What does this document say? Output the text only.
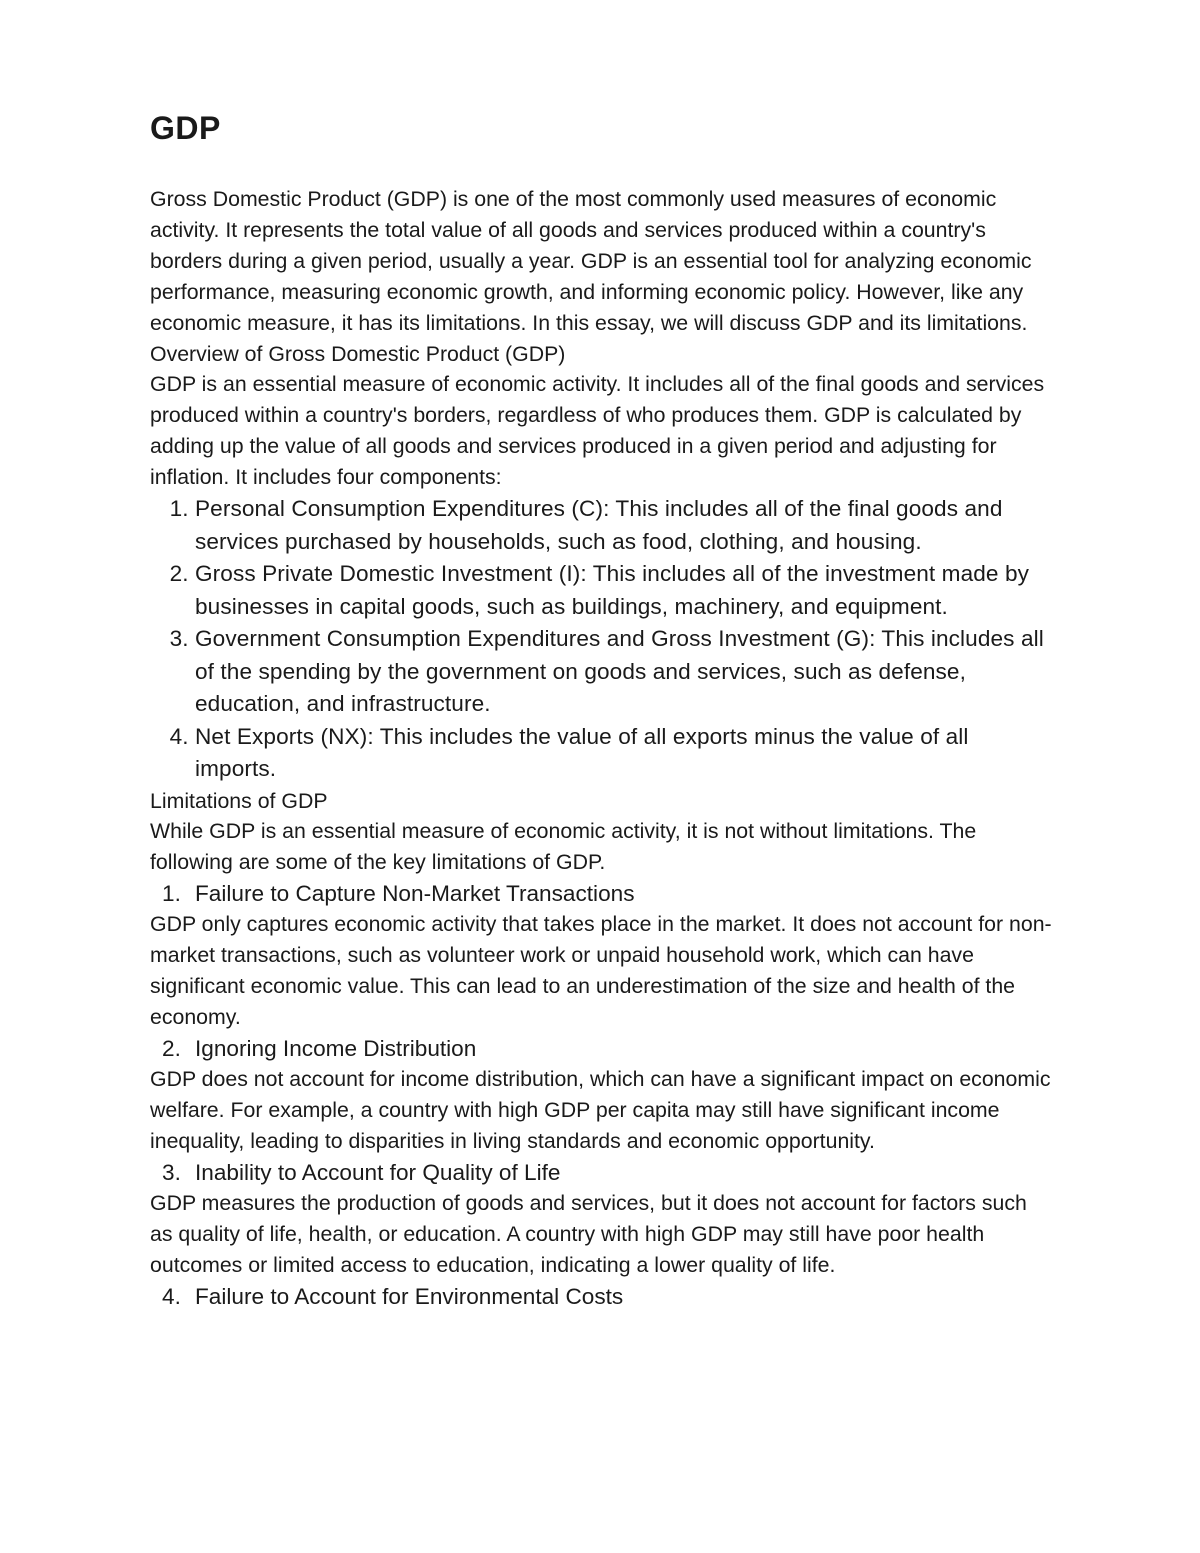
GDP

Gross Domestic Product (GDP) is one of the most commonly used measures of economic activity. It represents the total value of all goods and services produced within a country's borders during a given period, usually a year. GDP is an essential tool for analyzing economic performance, measuring economic growth, and informing economic policy. However, like any economic measure, it has its limitations. In this essay, we will discuss GDP and its limitations.

Overview of Gross Domestic Product (GDP)

GDP is an essential measure of economic activity. It includes all of the final goods and services produced within a country's borders, regardless of who produces them. GDP is calculated by adding up the value of all goods and services produced in a given period and adjusting for inflation. It includes four components:

1. Personal Consumption Expenditures (C): This includes all of the final goods and services purchased by households, such as food, clothing, and housing.
2. Gross Private Domestic Investment (I): This includes all of the investment made by businesses in capital goods, such as buildings, machinery, and equipment.
3. Government Consumption Expenditures and Gross Investment (G): This includes all of the spending by the government on goods and services, such as defense, education, and infrastructure.
4. Net Exports (NX): This includes the value of all exports minus the value of all imports.

Limitations of GDP

While GDP is an essential measure of economic activity, it is not without limitations. The following are some of the key limitations of GDP.

1. Failure to Capture Non-Market Transactions

GDP only captures economic activity that takes place in the market. It does not account for non-market transactions, such as volunteer work or unpaid household work, which can have significant economic value. This can lead to an underestimation of the size and health of the economy.

2. Ignoring Income Distribution

GDP does not account for income distribution, which can have a significant impact on economic welfare. For example, a country with high GDP per capita may still have significant income inequality, leading to disparities in living standards and economic opportunity.

3. Inability to Account for Quality of Life

GDP measures the production of goods and services, but it does not account for factors such as quality of life, health, or education. A country with high GDP may still have poor health outcomes or limited access to education, indicating a lower quality of life.

4. Failure to Account for Environmental Costs
